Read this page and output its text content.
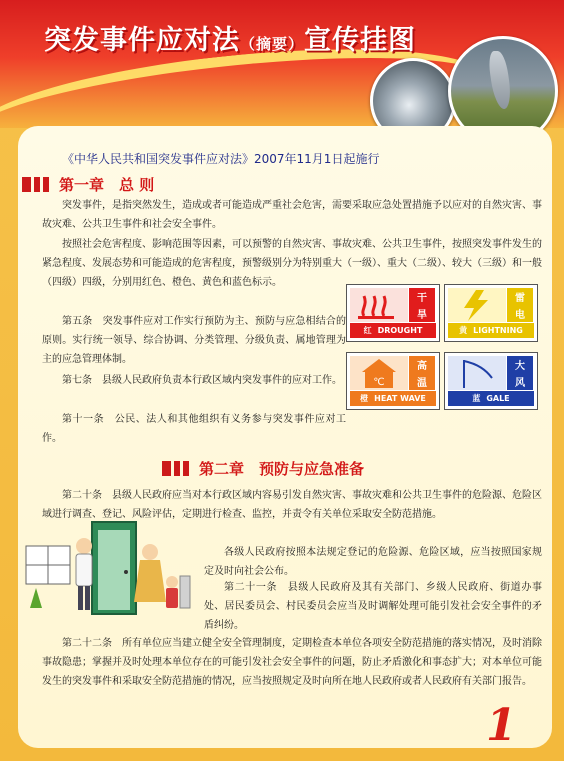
突发事件应对法（摘要）宣传挂图
《中华人民共和国突发事件应对法》2007年11月1日起施行
第一章　总 则

突发事件，是指突然发生，造成或者可能造成严重社会危害，需要采取应急处置措施予以应对的自然灾害、事故灾难、公共卫生事件和社会安全事件。

按照社会危害程度、影响范围等因素，可以预警的自然灾害、事故灾难、公共卫生事件，按照突发事件发生的紧急程度、发展态势和可能造成的危害程度，预警级别分为特别重大（一级）、重大（二级）、较大（三级）和一般（四级）四级，分别用红色、橙色、黄色和蓝色标示。

第五条　突发事件应对工作实行预防为主、预防与应急相结合的原则。实行统一领导、综合协调、分类管理、分级负责、属地管理为主的应急管理体制。

第七条　县级人民政府负责本行政区域内突发事件的应对工作。

第十一条　公民、法人和其他组织有义务参与突发事件应对工作。

干
旱
红 DROUGHT
雷
电
黄 LIGHTNING
℃
高
温
橙 HEAT WAVE
大
风
蓝 GALE
第二章　预防与应急准备

第二十条　县级人民政府应当对本行政区域内容易引发自然灾害、事故灾难和公共卫生事件的危险源、危险区域进行调查、登记、风险评估，定期进行检查、监控，并责令有关单位采取安全防范措施。

各级人民政府按照本法规定登记的危险源、危险区域，应当按照国家规定及时向社会公布。

第二十一条　县级人民政府及其有关部门、乡级人民政府、街道办事处、居民委员会、村民委员会应当及时调解处理可能引发社会安全事件的矛盾纠纷。

第二十二条　所有单位应当建立健全安全管理制度，定期检查本单位各项安全防范措施的落实情况，及时消除事故隐患；掌握并及时处理本单位存在的可能引发社会安全事件的问题，防止矛盾激化和事态扩大；对本单位可能发生的突发事件和采取安全防范措施的情况，应当按照规定及时向所在地人民政府或者人民政府有关部门报告。

1
